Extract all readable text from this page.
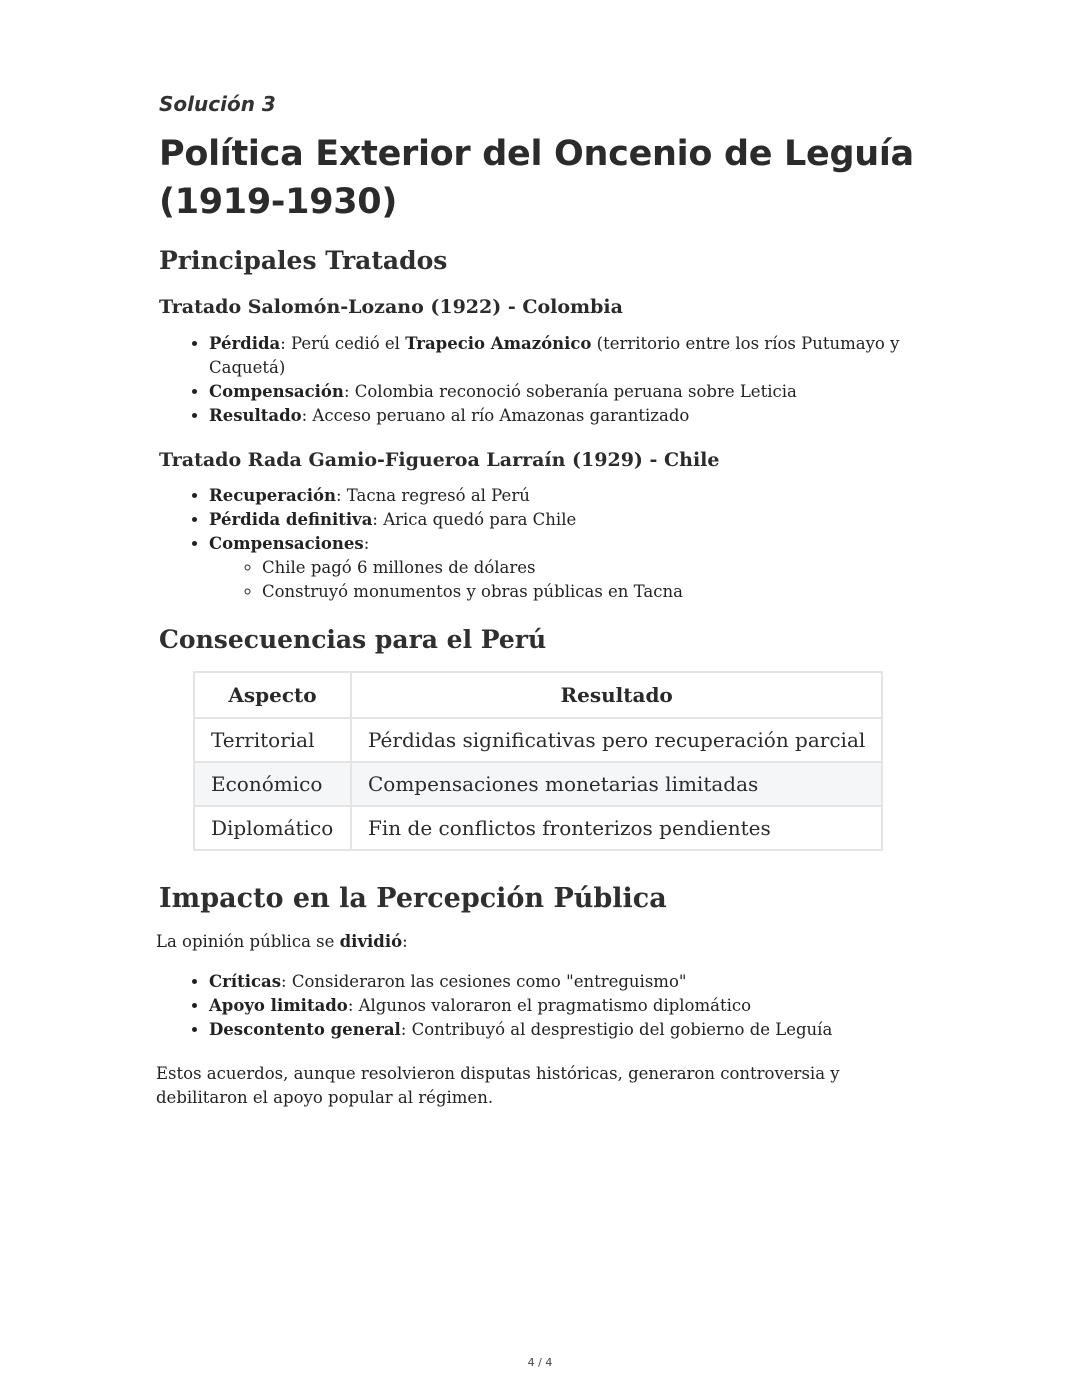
Solución 3
Política Exterior del Oncenio de Leguía (1919-1930)
Principales Tratados
Tratado Salomón-Lozano (1922) - Colombia
• Pérdida: Perú cedió el Trapecio Amazónico (territorio entre los ríos Putumayo y Caquetá)
• Compensación: Colombia reconoció soberanía peruana sobre Leticia
• Resultado: Acceso peruano al río Amazonas garantizado
Tratado Rada Gamio-Figueroa Larraín (1929) - Chile
• Recuperación: Tacna regresó al Perú
• Pérdida definitiva: Arica quedó para Chile
• Compensaciones:
◦ Chile pagó 6 millones de dólares
◦ Construyó monumentos y obras públicas en Tacna
Consecuencias para el Perú
Aspecto	Resultado
Territorial	Pérdidas significativas pero recuperación parcial
Económico	Compensaciones monetarias limitadas
Diplomático	Fin de conflictos fronterizos pendientes
Impacto en la Percepción Pública

La opinión pública se dividió:

• Críticas: Consideraron las cesiones como "entreguismo"
• Apoyo limitado: Algunos valoraron el pragmatismo diplomático
• Descontento general: Contribuyó al desprestigio del gobierno de Leguía

Estos acuerdos, aunque resolvieron disputas históricas, generaron controversia y debilitaron el apoyo popular al régimen.

4 / 4
